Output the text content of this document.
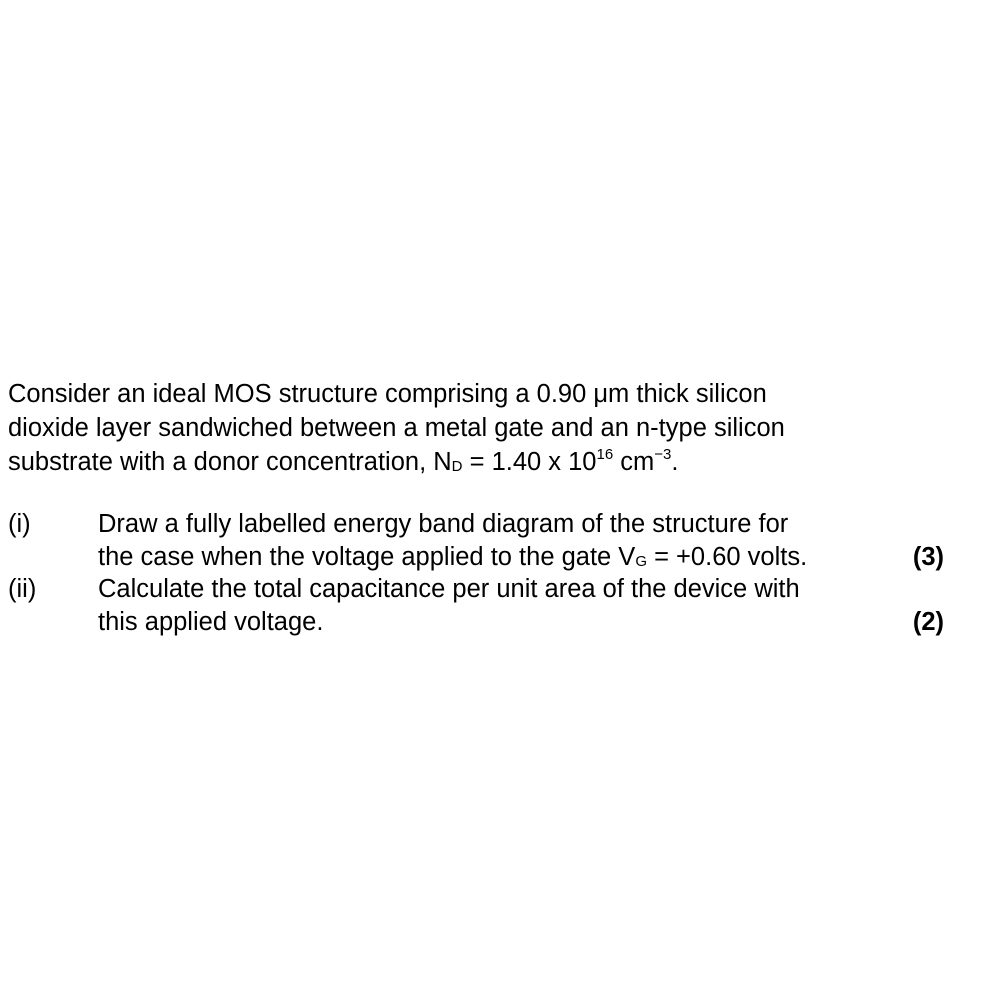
Consider an ideal MOS structure comprising a 0.90 μm thick silicon
dioxide layer sandwiched between a metal gate and an n-type silicon
substrate with a donor concentration, $N_D = 1.40$ x $10^{16}$ $cm^{-3}$.
(i)	Draw a fully labelled energy band diagram of the structure for
the case when the voltage applied to the gate $V_G = +0.60$ volts.	(3)
(ii) Calculate the total capacitance per unit area of the device with
this applied voltage.	(2)
